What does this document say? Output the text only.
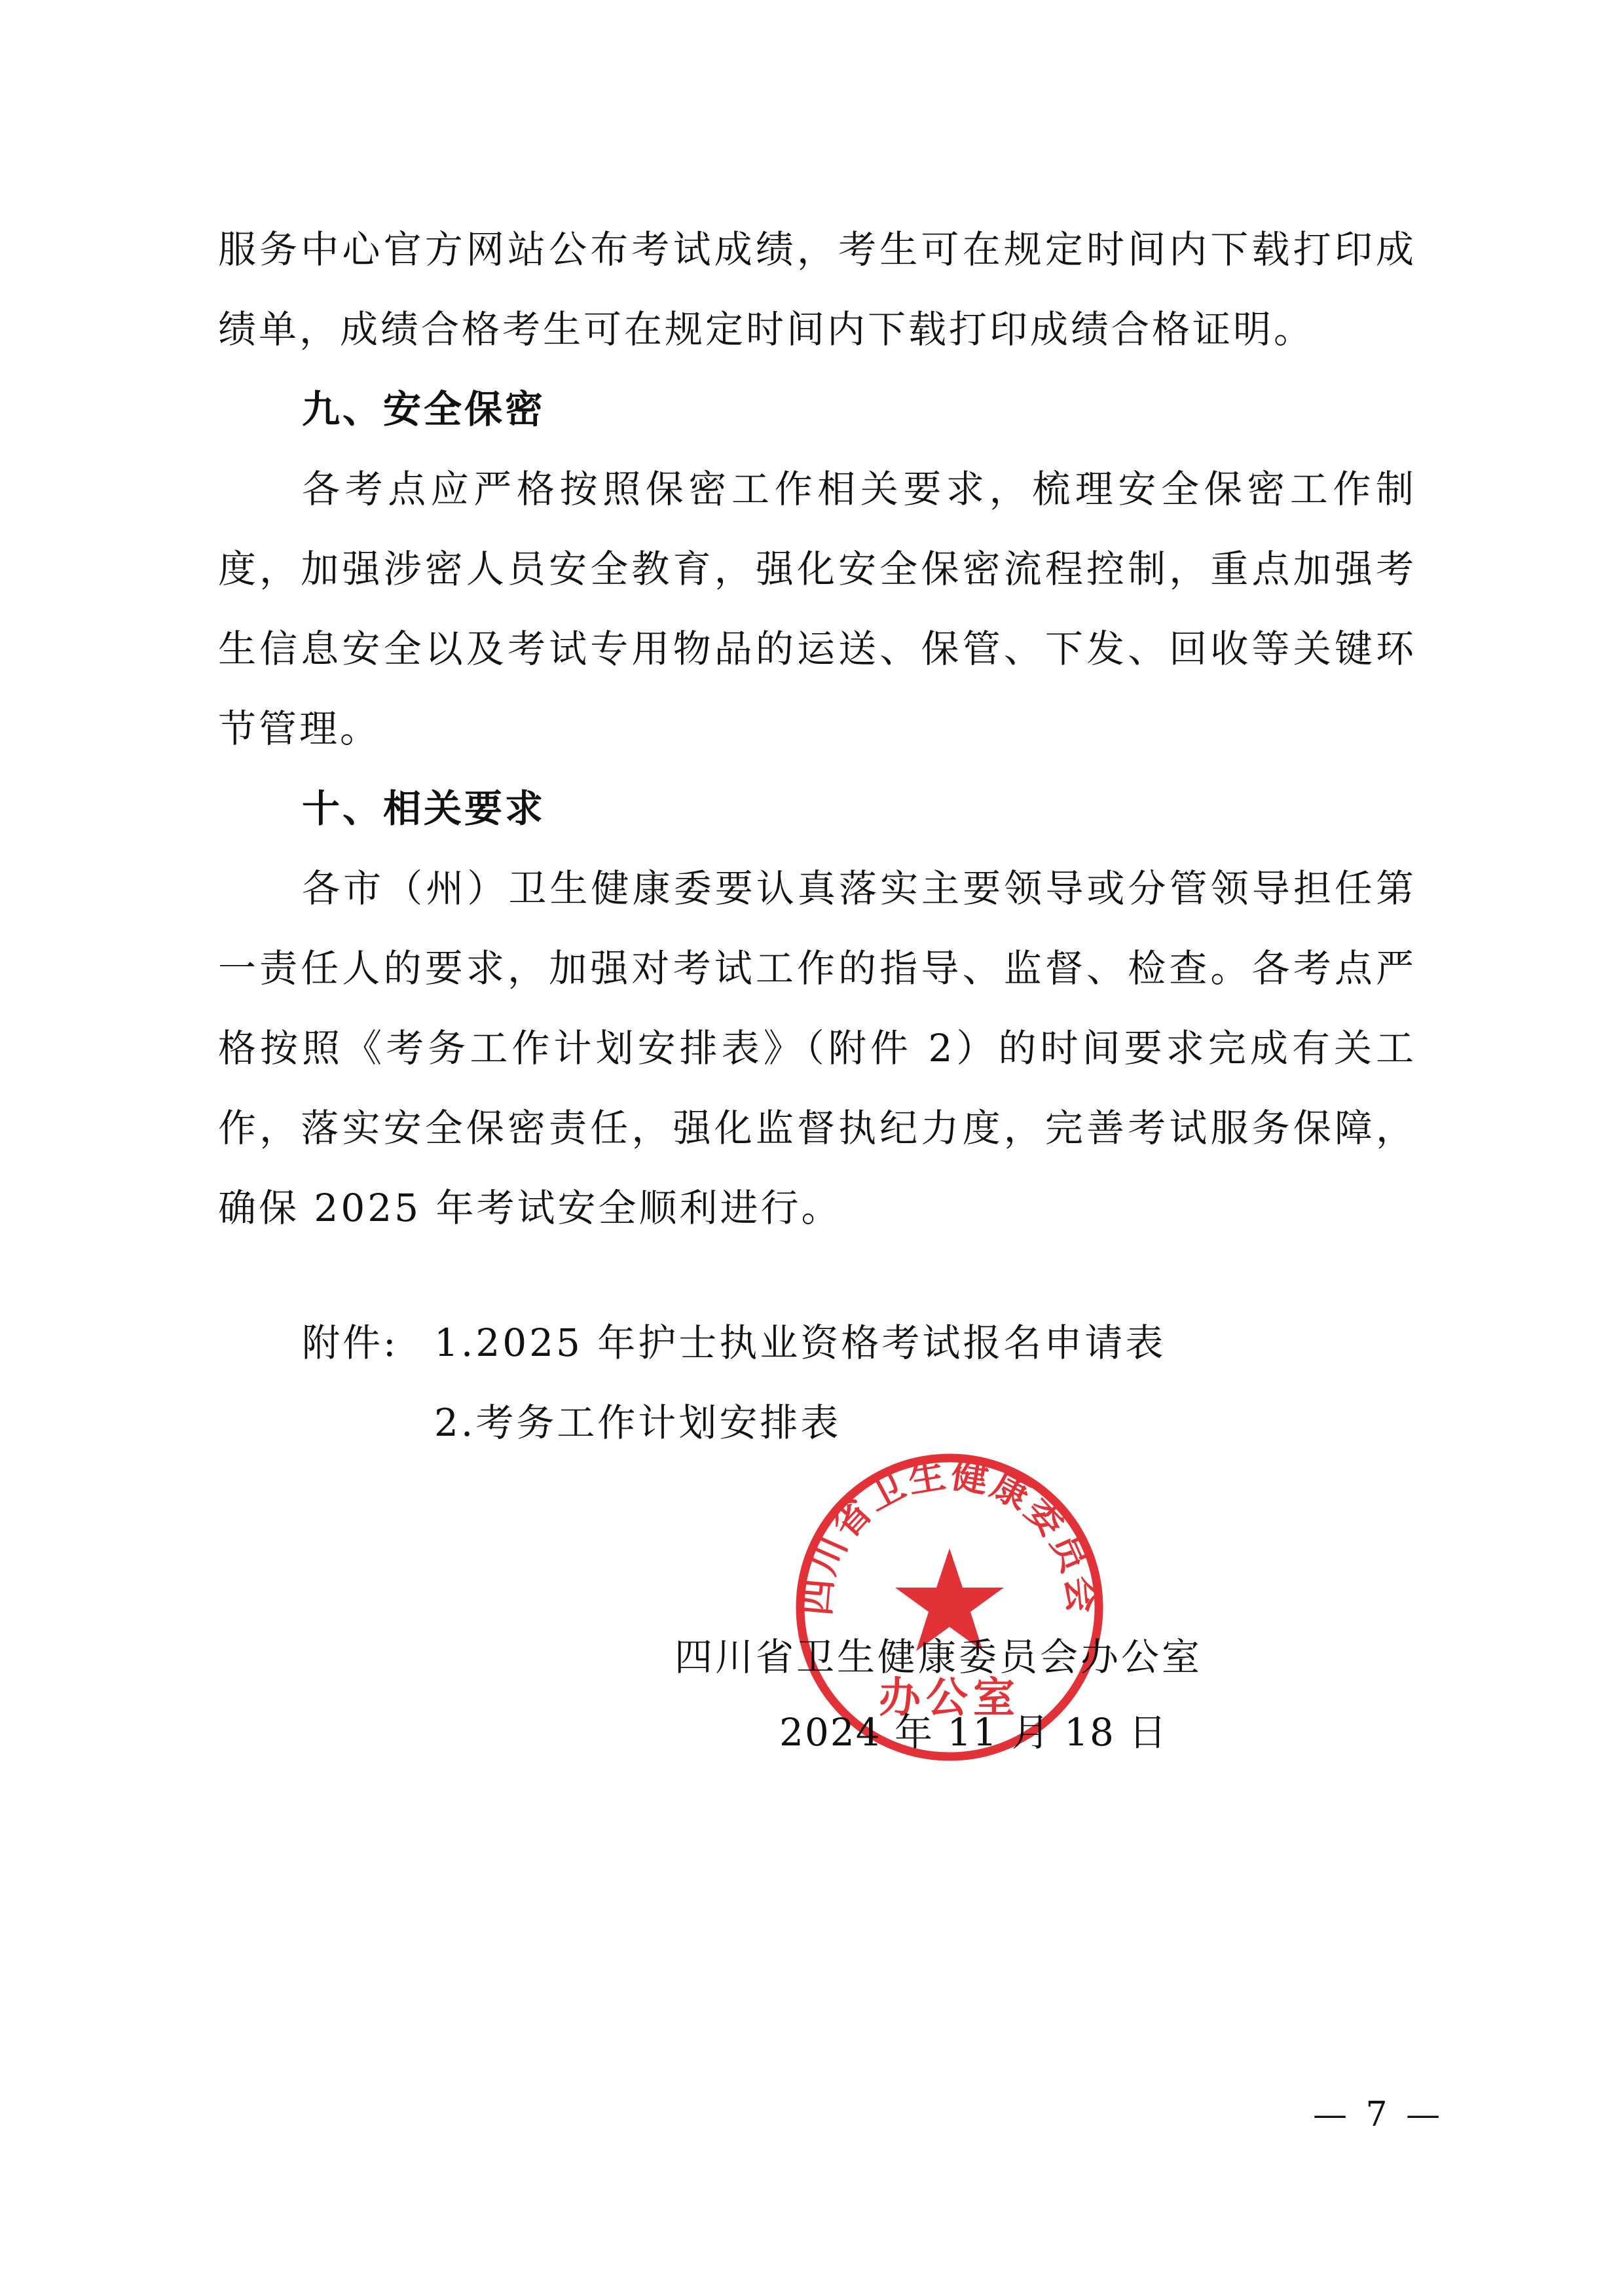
服务中心官方网站公布考试成绩，考生可在规定时间内下载打印成绩单，成绩合格考生可在规定时间内下载打印成绩合格证明。

九、安全保密

各考点应严格按照保密工作相关要求，梳理安全保密工作制度，加强涉密人员安全教育，强化安全保密流程控制，重点加强考生信息安全以及考试专用物品的运送、保管、下发、回收等关键环节管理。

十、相关要求

各市（州）卫生健康委要认真落实主要领导或分管领导担任第一责任人的要求，加强对考试工作的指导、监督、检查。各考点严格按照《考务工作计划安排表》（附件 2）的时间要求完成有关工作，落实安全保密责任，强化监督执纪力度，完善考试服务保障，确保 2025 年考试安全顺利进行。

附件: 1.2025 年护士执业资格考试报名申请表

2.考务工作计划安排表

四川省卫生健康委员会办公室

2024 年 11 月 18 日

四川省卫生健康委员会
办公室

— 7 —
